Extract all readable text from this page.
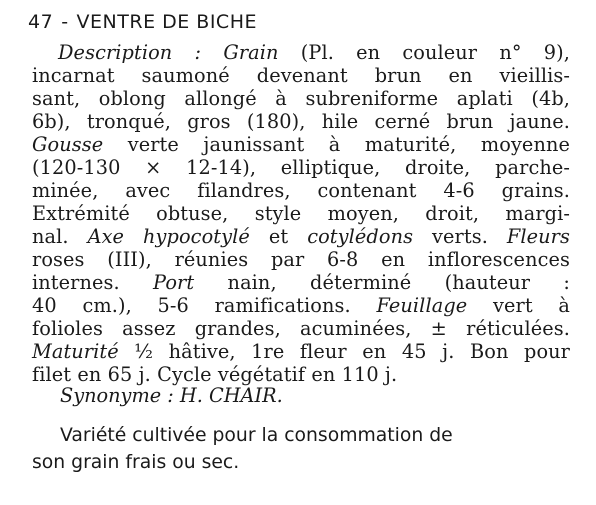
47 - VENTRE DE BICHE
Description : Grain (Pl. en couleur n° 9),
incarnat saumoné devenant brun en vieillis-
sant, oblong allongé à subreniforme aplati (4b,
6b), tronqué, gros (180), hile cerné brun jaune.
Gousse verte jaunissant à maturité, moyenne
(120-130 × 12-14), elliptique, droite, parche-
minée, avec filandres, contenant 4-6 grains.
Extrémité obtuse, style moyen, droit, margi-
nal. Axe hypocotylé et cotylédons verts. Fleurs
roses (III), réunies par 6-8 en inflorescences
internes. Port nain, déterminé (hauteur :
40 cm.), 5-6 ramifications. Feuillage vert à
folioles assez grandes, acuminées, ± réticulées.
Maturité ½ hâtive, 1re fleur en 45 j. Bon pour
filet en 65 j. Cycle végétatif en 110 j.
Synonyme : H. CHAIR.
Variété cultivée pour la consommation de
son grain frais ou sec.
